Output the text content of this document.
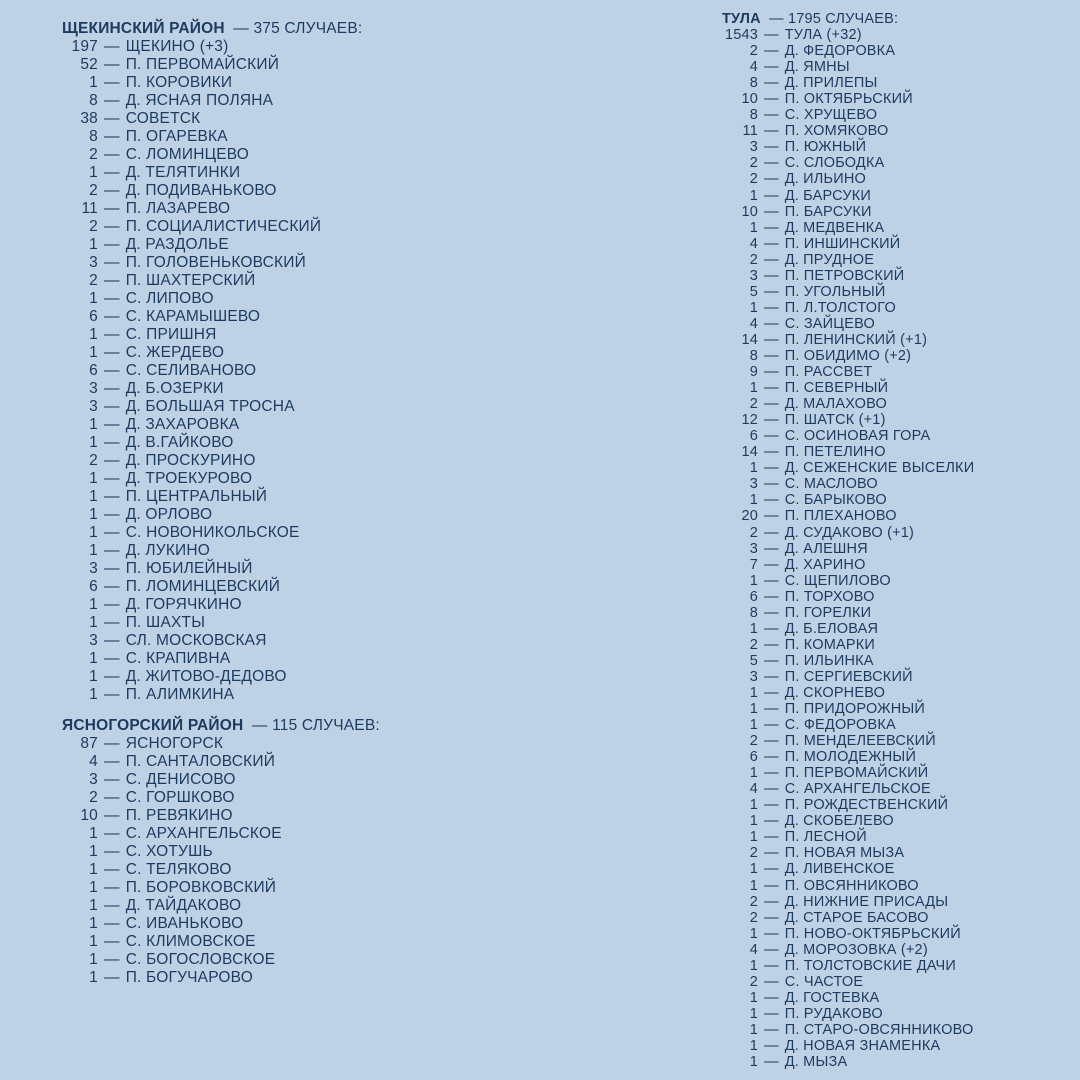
ЩЕКИНСКИЙ РАЙОН — 375 СЛУЧАЕВ:
197 — ЩЕКИНО (+3)
52 — П. ПЕРВОМАЙСКИЙ
1 — П. КОРОВИКИ
8 — Д. ЯСНАЯ ПОЛЯНА
38 — СОВЕТСК
8 — П. ОГАРЕВКА
2 — С. ЛОМИНЦЕВО
1 — Д. ТЕЛЯТИНКИ
2 — Д. ПОДИВАНЬКОВО
11 — П. ЛАЗАРЕВО
2 — П. СОЦИАЛИСТИЧЕСКИЙ
1 — Д. РАЗДОЛЬЕ
3 — П. ГОЛОВЕНЬКОВСКИЙ
2 — П. ШАХТЕРСКИЙ
1 — С. ЛИПОВО
6 — С. КАРАМЫШЕВО
1 — С. ПРИШНЯ
1 — С. ЖЕРДЕВО
6 — С. СЕЛИВАНОВО
3 — Д. Б.ОЗЕРКИ
3 — Д. БОЛЬШАЯ ТРОСНА
1 — Д. ЗАХАРОВКА
1 — Д. В.ГАЙКОВО
2 — Д. ПРОСКУРИНО
1 — Д. ТРОЕКУРОВО
1 — П. ЦЕНТРАЛЬНЫЙ
1 — Д. ОРЛОВО
1 — С. НОВОНИКОЛЬСКОЕ
1 — Д. ЛУКИНО
3 — П. ЮБИЛЕЙНЫЙ
6 — П. ЛОМИНЦЕВСКИЙ
1 — Д. ГОРЯЧКИНО
1 — П. ШАХТЫ
3 — СЛ. МОСКОВСКАЯ
1 — С. КРАПИВНА
1 — Д. ЖИТОВО-ДЕДОВО
1 — П. АЛИМКИНА
ЯСНОГОРСКИЙ РАЙОН — 115 СЛУЧАЕВ:
87 — ЯСНОГОРСК
4 — П. САНТАЛОВСКИЙ
3 — С. ДЕНИСОВО
2 — С. ГОРШКОВО
10 — П. РЕВЯКИНО
1 — С. АРХАНГЕЛЬСКОЕ
1 — С. ХОТУШЬ
1 — С. ТЕЛЯКОВО
1 — П. БОРОВКОВСКИЙ
1 — Д. ТАЙДАКОВО
1 — С. ИВАНЬКОВО
1 — С. КЛИМОВСКОЕ
1 — С. БОГОСЛОВСКОЕ
1 — П. БОГУЧАРОВО
ТУЛА — 1795 СЛУЧАЕВ:
1543 — ТУЛА (+32)
2 — Д. ФЕДОРОВКА
4 — Д. ЯМНЫ
8 — Д. ПРИЛЕПЫ
10 — П. ОКТЯБРЬСКИЙ
8 — С. ХРУЩЕВО
11 — П. ХОМЯКОВО
3 — П. ЮЖНЫЙ
2 — С. СЛОБОДКА
2 — Д. ИЛЬИНО
1 — Д. БАРСУКИ
10 — П. БАРСУКИ
1 — Д. МЕДВЕНКА
4 — П. ИНШИНСКИЙ
2 — Д. ПРУДНОЕ
3 — П. ПЕТРОВСКИЙ
5 — П. УГОЛЬНЫЙ
1 — П. Л.ТОЛСТОГО
4 — С. ЗАЙЦЕВО
14 — П. ЛЕНИНСКИЙ (+1)
8 — П. ОБИДИМО (+2)
9 — П. РАССВЕТ
1 — П. СЕВЕРНЫЙ
2 — Д. МАЛАХОВО
12 — П. ШАТСК (+1)
6 — С. ОСИНОВАЯ ГОРА
14 — П. ПЕТЕЛИНО
1 — Д. СЕЖЕНСКИЕ ВЫСЕЛКИ
3 — С. МАСЛОВО
1 — С. БАРЫКОВО
20 — П. ПЛЕХАНОВО
2 — Д. СУДАКОВО (+1)
3 — Д. АЛЕШНЯ
7 — Д. ХАРИНО
1 — С. ЩЕПИЛОВО
6 — П. ТОРХОВО
8 — П. ГОРЕЛКИ
1 — Д. Б.ЕЛОВАЯ
2 — П. КОМАРКИ
5 — П. ИЛЬИНКА
3 — П. СЕРГИЕВСКИЙ
1 — Д. СКОРНЕВО
1 — П. ПРИДОРОЖНЫЙ
1 — С. ФЕДОРОВКА
2 — П. МЕНДЕЛЕЕВСКИЙ
6 — П. МОЛОДЕЖНЫЙ
1 — П. ПЕРВОМАЙСКИЙ
4 — С. АРХАНГЕЛЬСКОЕ
1 — П. РОЖДЕСТВЕНСКИЙ
1 — Д. СКОБЕЛЕВО
1 — П. ЛЕСНОЙ
2 — П. НОВАЯ МЫЗА
1 — Д. ЛИВЕНСКОЕ
1 — П. ОВСЯННИКОВО
2 — Д. НИЖНИЕ ПРИСАДЫ
2 — Д. СТАРОЕ БАСОВО
1 — П. НОВО-ОКТЯБРЬСКИЙ
4 — Д. МОРОЗОВКА (+2)
1 — П. ТОЛСТОВСКИЕ ДАЧИ
2 — С. ЧАСТОЕ
1 — Д. ГОСТЕВКА
1 — П. РУДАКОВО
1 — П. СТАРО-ОВСЯННИКОВО
1 — Д. НОВАЯ ЗНАМЕНКА
1 — Д. МЫЗА
